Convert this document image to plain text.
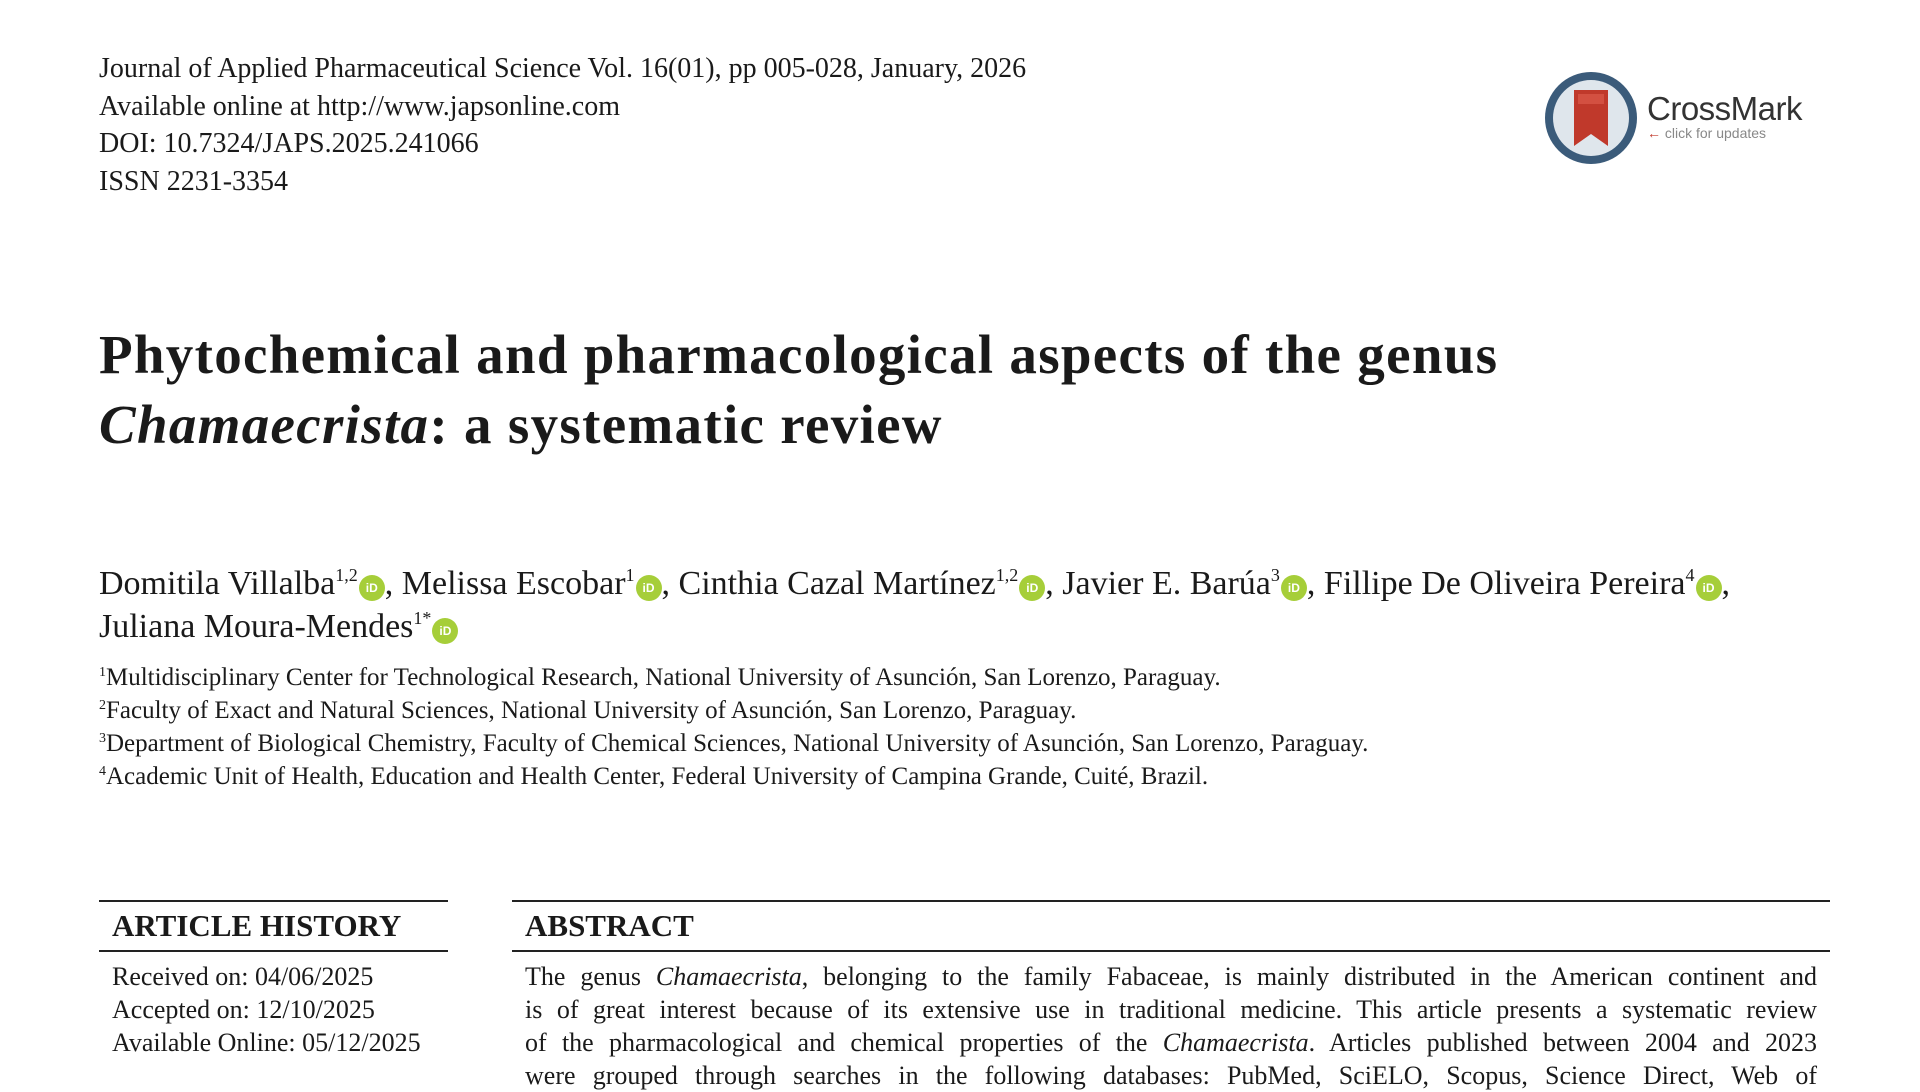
Journal of Applied Pharmaceutical Science Vol. 16(01), pp 005-028, January, 2026
Available online at http://www.japsonline.com
DOI: 10.7324/JAPS.2025.241066
ISSN 2231-3354
CrossMark
← click for updates
Phytochemical and pharmacological aspects of the genus
Chamaecrista: a systematic review
Domitila Villalba$^{1,2}$iD , Melissa Escobar$^1$iD , Cinthia Cazal Martínez$^{1,2}$iD , Javier E. Barúa$^3$iD , Fillipe De Oliveira Pereira$^4$iD ,
Juliana Moura-Mendes$^{1*}$iD
$^1$Multidisciplinary Center for Technological Research, National University of Asunción, San Lorenzo, Paraguay.
$^2$Faculty of Exact and Natural Sciences, National University of Asunción, San Lorenzo, Paraguay.
$^3$Department of Biological Chemistry, Faculty of Chemical Sciences, National University of Asunción, San Lorenzo, Paraguay.
$^4$Academic Unit of Health, Education and Health Center, Federal University of Campina Grande, Cuité, Brazil.
ARTICLE HISTORY
Received on: 04/06/2025
Accepted on: 12/10/2025
Available Online: 05/12/2025
ABSTRACT
The genus Chamaecrista, belonging to the family Fabaceae, is mainly distributed in the American continent and
is of great interest because of its extensive use in traditional medicine. This article presents a systematic review
of the pharmacological and chemical properties of the Chamaecrista. Articles published between 2004 and 2023
were grouped through searches in the following databases: PubMed, SciELO, Scopus, Science Direct, Web of
